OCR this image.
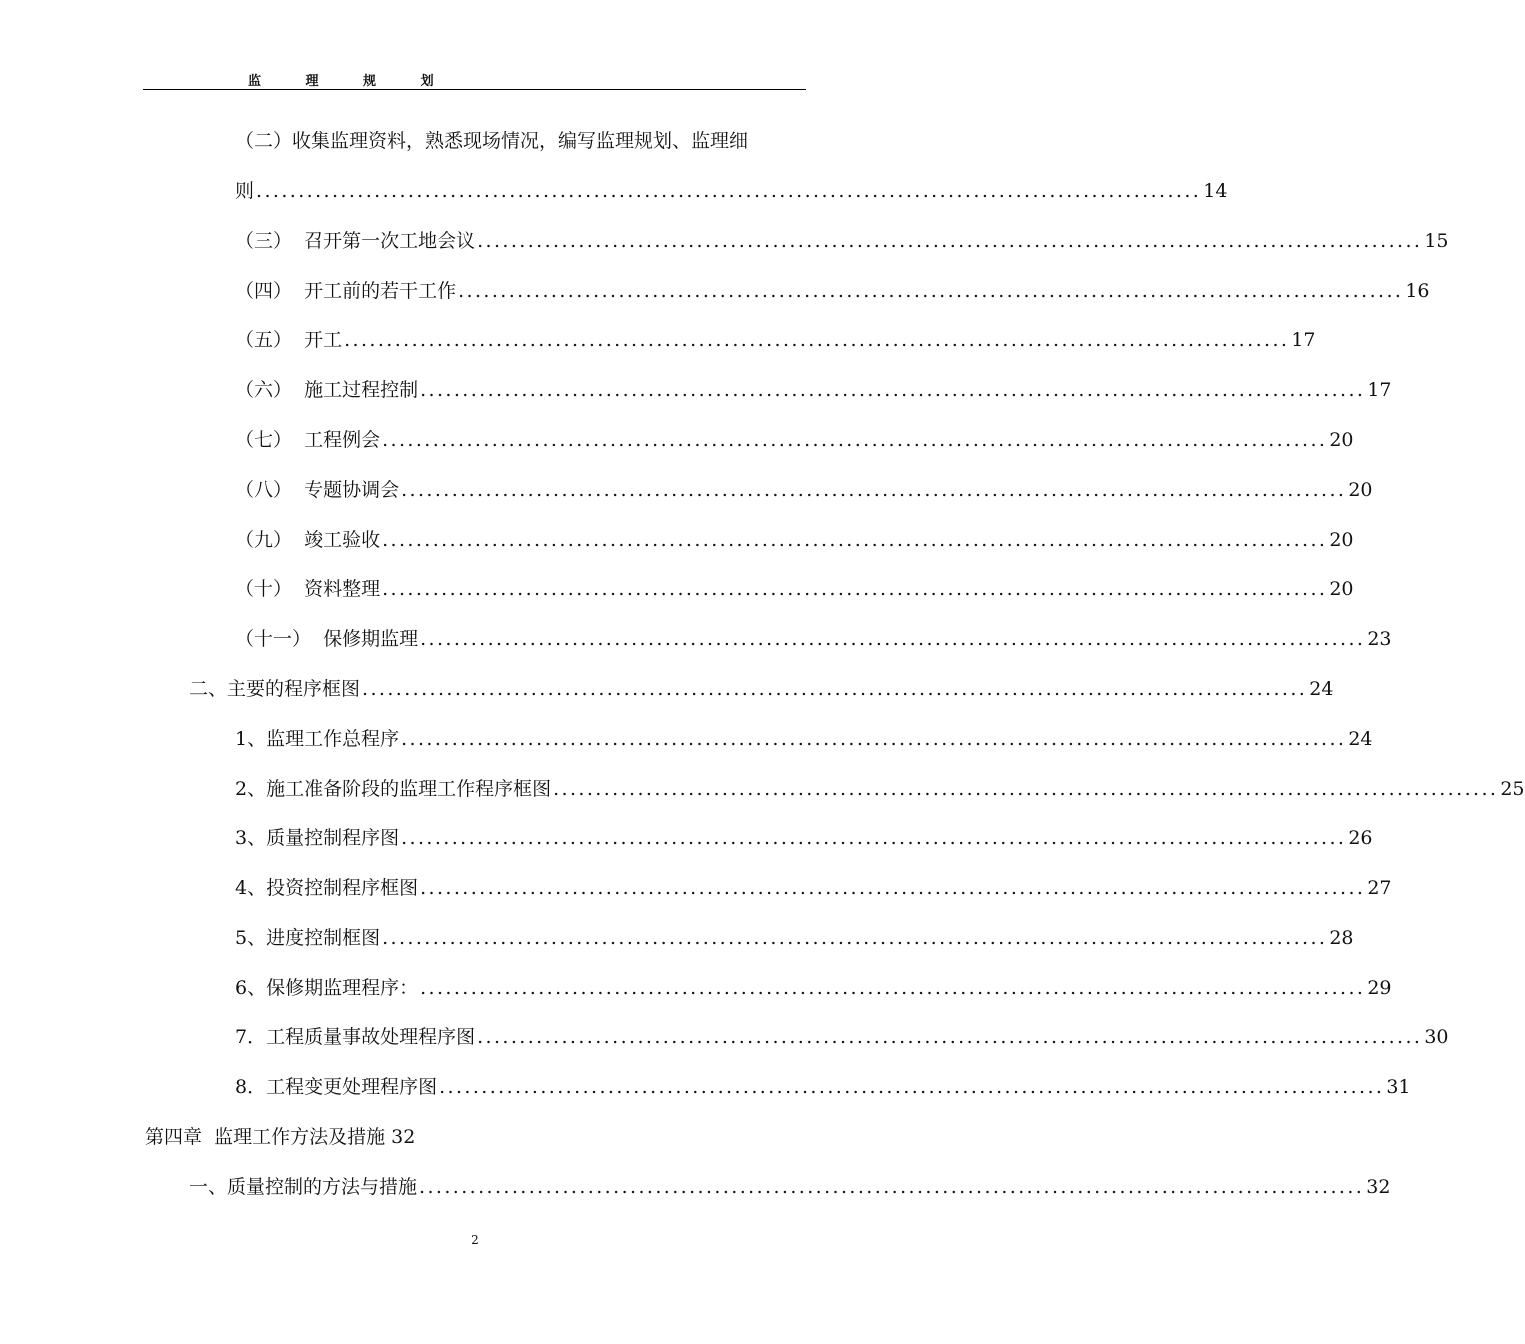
监 理 规 划
（二）收集监理资料，熟悉现场情况，编写监理规划、监理细
则 ................................................................................................................ 14
（三）  召开第一次工地会议 ................................................................................................................ 15
（四）  开工前的若干工作 ................................................................................................................ 16
（五）  开工 ................................................................................................................ 17
（六）  施工过程控制 ................................................................................................................ 17
（七）  工程例会 ................................................................................................................ 20
（八）  专题协调会 ................................................................................................................ 20
（九）  竣工验收 ................................................................................................................ 20
（十）  资料整理 ................................................................................................................ 20
（十一）  保修期监理 ................................................................................................................ 23
二、主要的程序框图 ................................................................................................................ 24
1、监理工作总程序 ................................................................................................................ 24
2、施工准备阶段的监理工作程序框图 ................................................................................................................ 25
3、质量控制程序图 ................................................................................................................ 26
4、投资控制程序框图 ................................................................................................................ 27
5、进度控制框图 ................................................................................................................ 28
6、保修期监理程序： ................................................................................................................ 29
7．工程质量事故处理程序图 ................................................................................................................ 30
8．工程变更处理程序图 ................................................................................................................ 31
第四章  监理工作方法及措施 32
一、质量控制的方法与措施 ................................................................................................................ 32
2
